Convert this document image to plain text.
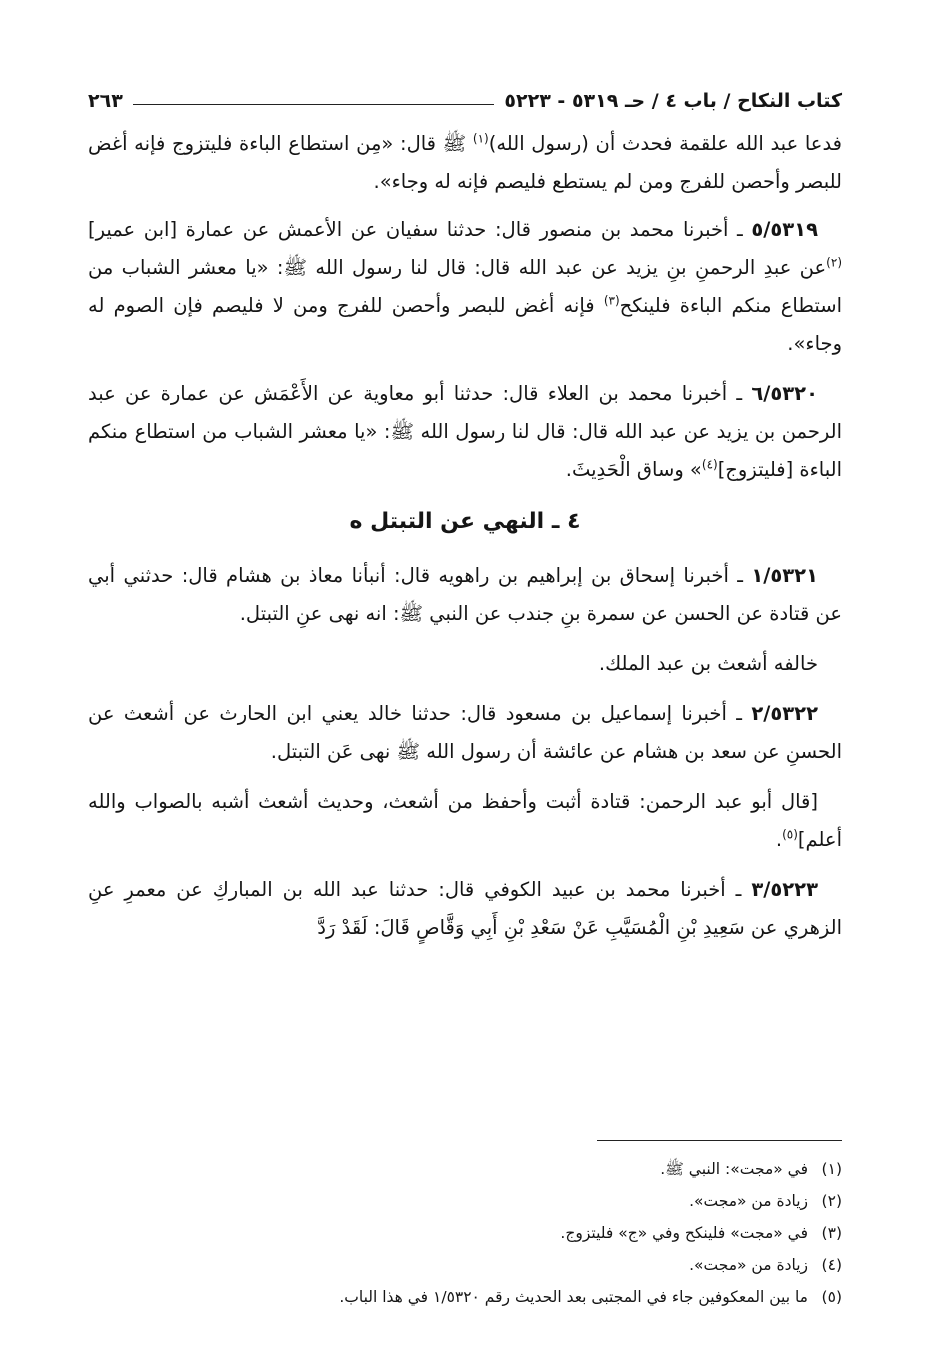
كتاب النكاح / باب ٤ / حـ ٥٣١٩ - ٥٢٢٣
٢٦٣

فدعا عبد الله علقمة فحدث أن (رسول الله)$^{(١)}$ ﷺ قال: «مِن استطاع الباءة فليتزوج فإنه أغض للبصر وأحصن للفرج ومن لم يستطع فليصم فإنه له وجاء».

٥/٥٣١٩ ـ أخبرنا محمد بن منصور قال: حدثنا سفيان عن الأعمش عن عمارة [ابن عمير]$^{(٢)}$عن عبدِ الرحمنِ بنِ يزيد عن عبد الله قال: قال لنا رسول الله ﷺ: «يا معشر الشباب من استطاع منكم الباءة فلينكح$^{(٣)}$ فإنه أغض للبصر وأحصن للفرج ومن لا فليصم فإن الصوم له وجاء».

٦/٥٣٢٠ ـ أخبرنا محمد بن العلاء قال: حدثنا أبو معاوية عن الأَعْمَش عن عمارة عن عبد الرحمن بن يزيد عن عبد الله قال: قال لنا رسول الله ﷺ: «يا معشر الشباب من استطاع منكم الباءة [فليتزوج]$^{(٤)}$» وساق الْحَدِيثَ.

٤ ـ النهي عن التبتل ه

١/٥٣٢١ ـ أخبرنا إسحاق بن إبراهيم بن راهويه قال: أنبأنا معاذ بن هشام قال: حدثني أبي عن قتادة عن الحسن عن سمرة بنِ جندب عن النبي ﷺ: انه نهى عنِ التبتل.

خالفه أشعث بن عبد الملك.

٢/٥٣٢٢ ـ أخبرنا إسماعيل بن مسعود قال: حدثنا خالد يعني ابن الحارث عن أشعث عن الحسنِ عن سعد بن هشام عن عائشة أن رسول الله ﷺ نهى عَن التبتل.

[قال أبو عبد الرحمن: قتادة أثبت وأحفظ من أشعث، وحديث أشعث أشبه بالصواب والله أعلم]$^{(٥)}$.

٣/٥٢٢٣ ـ أخبرنا محمد بن عبيد الكوفي قال: حدثنا عبد الله بن المباركِ عن معمرِ عنِ الزهري عن سَعِيدِ بْنِ الْمُسَيَّبِ عَنْ سَعْدِ بْنِ أَبِي وَقَّاصٍ قَالَ: لَقَدْ رَدَّ

(١)
في «مجت»: النبي ﷺ.
(٢)
زيادة من «مجت».
(٣)
في «مجت» فلينكح وفي «ج» فليتزوج.
(٤)
زيادة من «مجت».
(٥)
ما بين المعكوفين جاء في المجتبى بعد الحديث رقم ١/٥٣٢٠ في هذا الباب.
